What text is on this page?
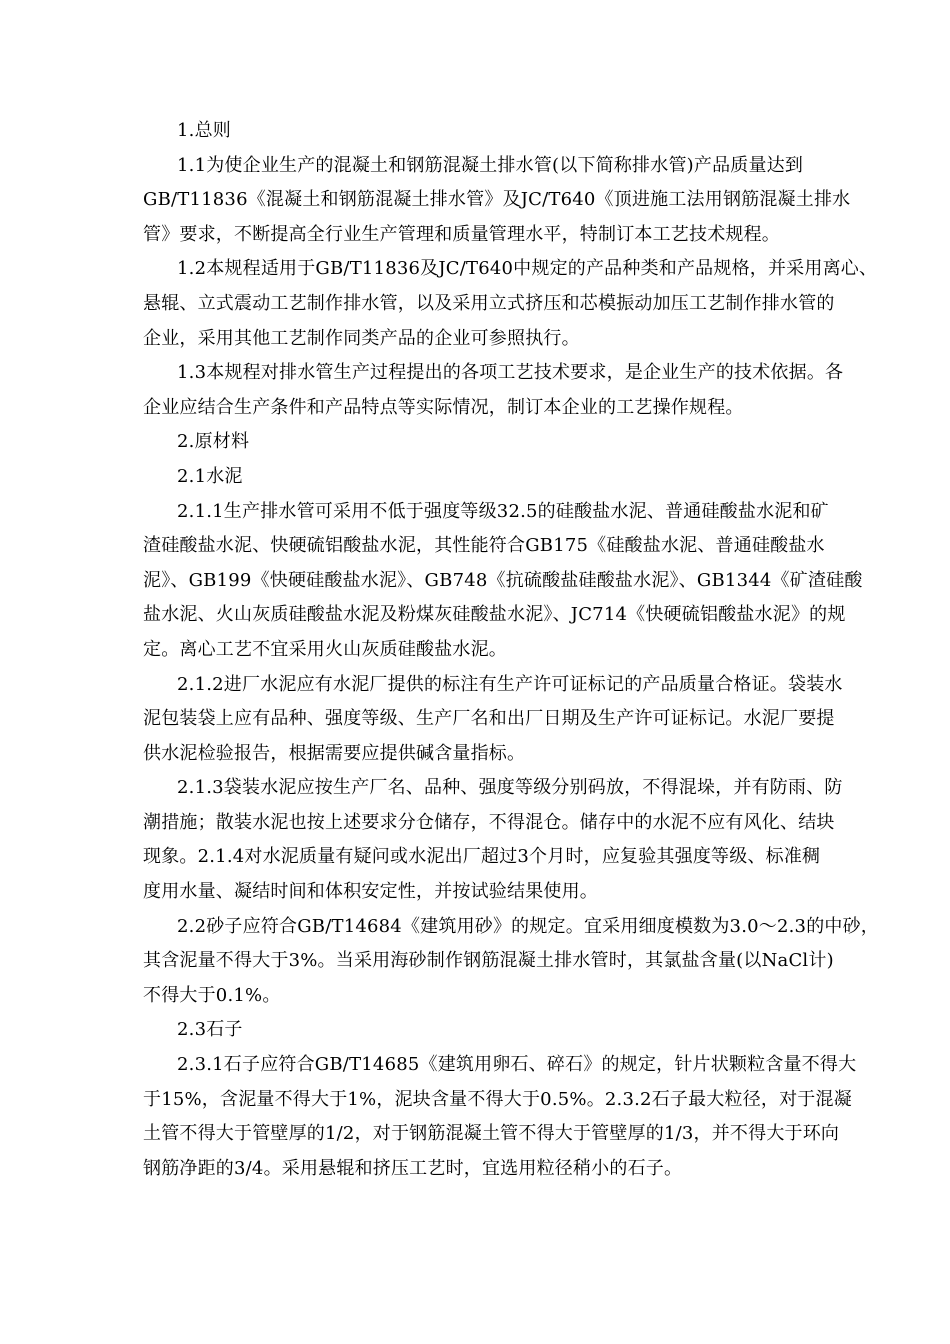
1.总则

1.1为使企业生产的混凝土和钢筋混凝土排水管(以下简称排水管)产品质量达到

GB/T11836《混凝土和钢筋混凝土排水管》及JC/T640《顶进施工法用钢筋混凝土排水

管》要求，不断提高全行业生产管理和质量管理水平，特制订本工艺技术规程。

1.2本规程适用于GB/T11836及JC/T640中规定的产品种类和产品规格，并采用离心、

悬辊、立式震动工艺制作排水管，以及采用立式挤压和芯模振动加压工艺制作排水管的

企业，采用其他工艺制作同类产品的企业可参照执行。

1.3本规程对排水管生产过程提出的各项工艺技术要求，是企业生产的技术依据。各

企业应结合生产条件和产品特点等实际情况，制订本企业的工艺操作规程。

2.原材料

2.1水泥

2.1.1生产排水管可采用不低于强度等级32.5的硅酸盐水泥、普通硅酸盐水泥和矿

渣硅酸盐水泥、快硬硫铝酸盐水泥，其性能符合GB175《硅酸盐水泥、普通硅酸盐水

泥》、GB199《快硬硅酸盐水泥》、GB748《抗硫酸盐硅酸盐水泥》、GB1344《矿渣硅酸

盐水泥、火山灰质硅酸盐水泥及粉煤灰硅酸盐水泥》、JC714《快硬硫铝酸盐水泥》的规

定。离心工艺不宜采用火山灰质硅酸盐水泥。

2.1.2进厂水泥应有水泥厂提供的标注有生产许可证标记的产品质量合格证。袋装水

泥包装袋上应有品种、强度等级、生产厂名和出厂日期及生产许可证标记。水泥厂要提

供水泥检验报告，根据需要应提供碱含量指标。

2.1.3袋装水泥应按生产厂名、品种、强度等级分别码放，不得混垛，并有防雨、防

潮措施；散装水泥也按上述要求分仓储存，不得混仓。储存中的水泥不应有风化、结块

现象。2.1.4对水泥质量有疑问或水泥出厂超过3个月时，应复验其强度等级、标准稠

度用水量、凝结时间和体积安定性，并按试验结果使用。

2.2砂子应符合GB/T14684《建筑用砂》的规定。宜采用细度模数为3.0～2.3的中砂，

其含泥量不得大于3%。当采用海砂制作钢筋混凝土排水管时，其氯盐含量(以NaCl计)

不得大于0.1%。

2.3石子

2.3.1石子应符合GB/T14685《建筑用卵石、碎石》的规定，针片状颗粒含量不得大

于15%，含泥量不得大于1%，泥块含量不得大于0.5%。2.3.2石子最大粒径，对于混凝

土管不得大于管壁厚的1/2，对于钢筋混凝土管不得大于管壁厚的1/3，并不得大于环向

钢筋净距的3/4。采用悬辊和挤压工艺时，宜选用粒径稍小的石子。
